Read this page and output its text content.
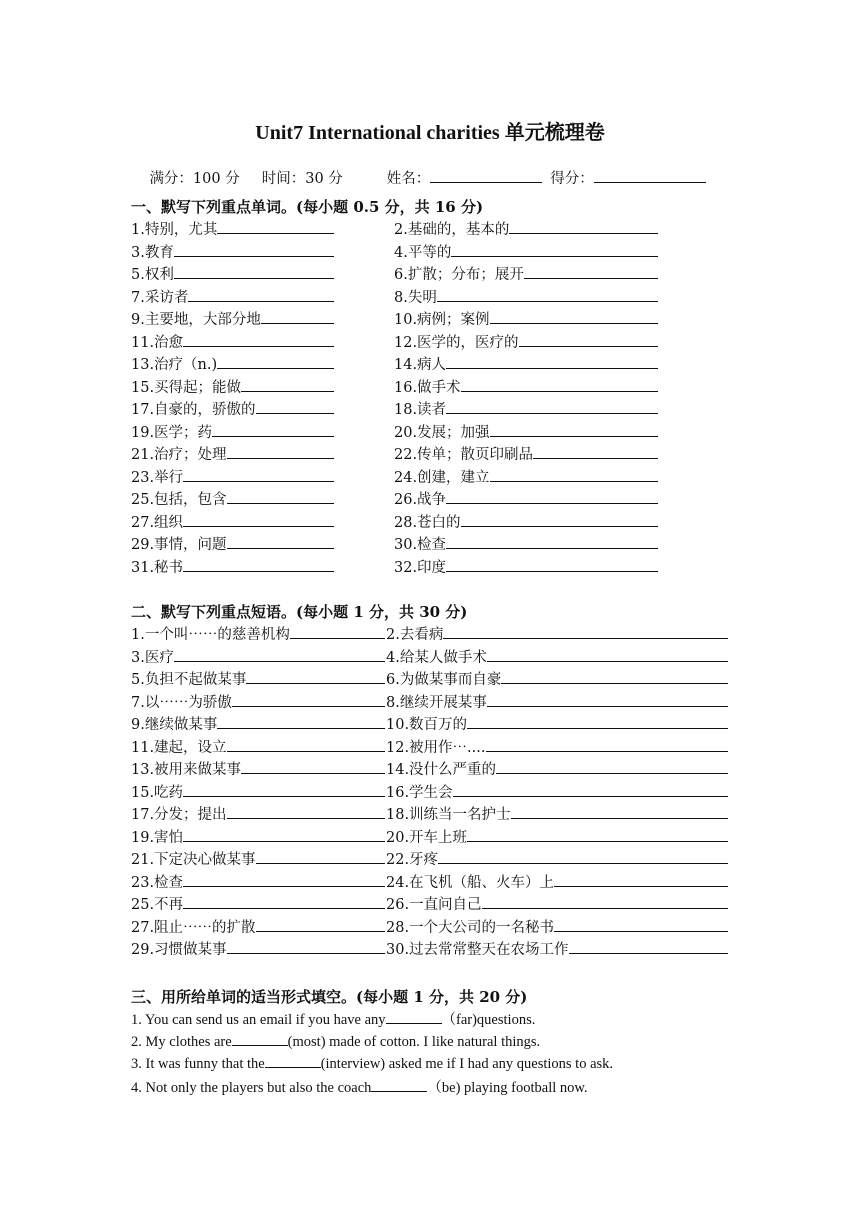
Unit7 International charities 单元梳理卷

满分：100 分 时间：30 分	姓名：	得分：

一、默写下列重点单词。(每小题 0.5 分，共 16 分)
1.特别，尤其	2.基础的，基本的
3.教育	4.平等的
5.权利	6.扩散；分布；展开
7.采访者	8.失明
9.主要地，大部分地	10.病例；案例
11.治愈	12.医学的，医疗的
13.治疗（n.)	14.病人
15.买得起；能做	16.做手术
17.自豪的，骄傲的	18.读者
19.医学；药	20.发展；加强
21.治疗；处理	22.传单；散页印刷品
23.举行	24.创建，建立
25.包括，包含	26.战争
27.组织	28.苍白的
29.事情，问题	30.检查
31.秘书	32.印度
二、默写下列重点短语。(每小题 1 分，共 30 分)
1.一个叫⋯⋯的慈善机构	2.去看病
3.医疗	4.给某人做手术
5.负担不起做某事	6.为做某事而自豪
7.以⋯⋯为骄傲	8.继续开展某事
9.继续做某事	10.数百万的
11.建起，设立	12.被用作⋯....
13.被用来做某事	14.没什么严重的
15.吃药	16.学生会
17.分发；提出	18.训练当一名护士
19.害怕	20.开车上班
21.下定决心做某事	22.牙疼
23.检查	24.在飞机（船、火车）上
25.不再	26.一直问自己
27.阻止⋯⋯的扩散	28.一个大公司的一名秘书
29.习惯做某事	30.过去常常整天在农场工作
三、用所给单词的适当形式填空。(每小题 1 分，共 20 分)
1. You can send us an email if you have any	（far)questions.
2. My clothes are	(most) made of cotton. I like natural things.
3. It was funny that the	(interview) asked me if I had any questions to ask.
4. Not only the players but also the coach	（be) playing football now.
